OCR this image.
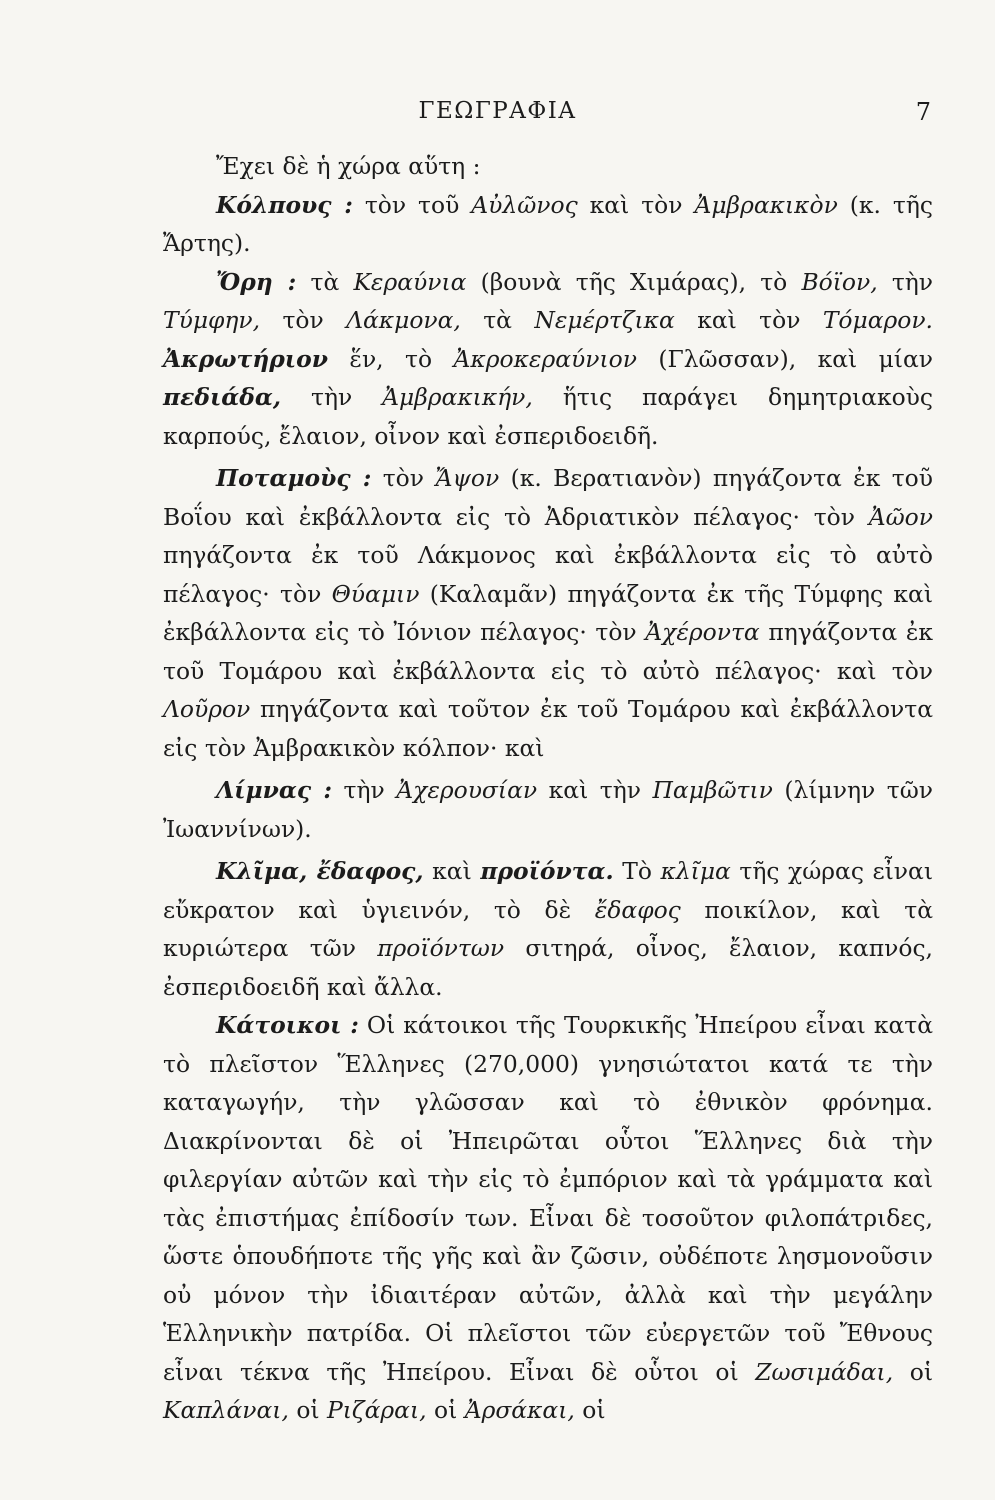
ΓΕΩΓΡΑΦΙΑ	7

Ἔχει δὲ ἡ χώρα αὕτη :

Κόλπους : τὸν τοῦ Αὐλῶνος καὶ τὸν Ἀμβρακικὸν (κ. τῆς Ἄρτης).

Ὄρη : τὰ Κεραύνια (βουνὰ τῆς Χιμάρας), τὸ Βόϊον, τὴν Τύμφην, τὸν Λάκμονα, τὰ Νεμέρτζικα καὶ τὸν Τόμαρον. Ἀκρωτήριον ἕν, τὸ Ἀκροκεραύνιον (Γλῶσσαν), καὶ μίαν πεδιάδα, τὴν Ἀμβρακικήν, ἥτις παράγει δημητριακοὺς καρπούς, ἔλαιον, οἶνον καὶ ἐσπεριδοειδῆ.

Ποταμοὺς : τὸν Ἄψον (κ. Βερατιανὸν) πηγάζοντα ἐκ τοῦ Βοΐου καὶ ἐκβάλλοντα εἰς τὸ Ἀδριατικὸν πέλαγος· τὸν Ἀῶον πηγάζοντα ἐκ τοῦ Λάκμονος καὶ ἐκβάλλοντα εἰς τὸ αὐτὸ πέλαγος· τὸν Θύαμιν (Καλαμᾶν) πηγάζοντα ἐκ τῆς Τύμφης καὶ ἐκβάλλοντα εἰς τὸ Ἰόνιον πέλαγος· τὸν Ἀχέροντα πηγάζοντα ἐκ τοῦ Τομάρου καὶ ἐκβάλλοντα εἰς τὸ αὐτὸ πέλαγος· καὶ τὸν Λοῦρον πηγάζοντα καὶ τοῦτον ἐκ τοῦ Τομάρου καὶ ἐκβάλλοντα εἰς τὸν Ἀμβρακικὸν κόλπον· καὶ

Λίμνας : τὴν Ἀχερουσίαν καὶ τὴν Παμβῶτιν (λίμνην τῶν Ἰωαννίνων).

Κλῖμα, ἔδαφος, καὶ προϊόντα. Τὸ κλῖμα τῆς χώρας εἶναι εὔκρατον καὶ ὑγιεινόν, τὸ δὲ ἔδαφος ποικίλον, καὶ τὰ κυριώτερα τῶν προϊόντων σιτηρά, οἶνος, ἔλαιον, καπνός, ἐσπεριδοειδῆ καὶ ἄλλα.

Κάτοικοι : Οἱ κάτοικοι τῆς Τουρκικῆς Ἠπείρου εἶναι κατὰ τὸ πλεῖστον Ἕλληνες (270,000) γνησιώτατοι κατά τε τὴν καταγωγήν, τὴν γλῶσσαν καὶ τὸ ἐθνικὸν φρόνημα. Διακρίνονται δὲ οἱ Ἠπειρῶται οὗτοι Ἕλληνες διὰ τὴν φιλεργίαν αὐτῶν καὶ τὴν εἰς τὸ ἐμπόριον καὶ τὰ γράμματα καὶ τὰς ἐπιστήμας ἐπίδοσίν των. Εἶναι δὲ τοσοῦτον φιλοπάτριδες, ὥστε ὁπουδήποτε τῆς γῆς καὶ ἂν ζῶσιν, οὐδέποτε λησμονοῦσιν οὐ μόνον τὴν ἰδιαιτέραν αὐτῶν, ἀλλὰ καὶ τὴν μεγάλην Ἑλληνικὴν πατρίδα. Οἱ πλεῖστοι τῶν εὐεργετῶν τοῦ Ἔθνους εἶναι τέκνα τῆς Ἠπείρου. Εἶναι δὲ οὗτοι οἱ Ζωσιμάδαι, οἱ Καπλάναι, οἱ Ριζάραι, οἱ Ἀρσάκαι, οἱ
